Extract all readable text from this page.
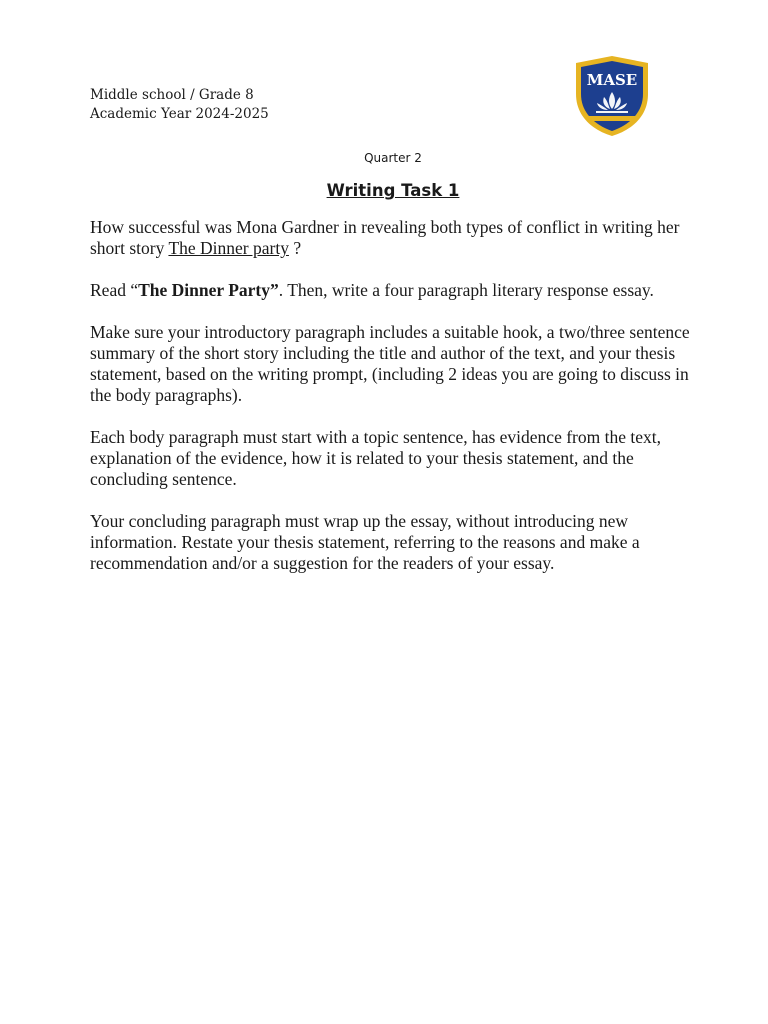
Middle school / Grade 8
Academic Year 2024-2025
MASE
Quarter 2
Writing Task 1

How successful was Mona Gardner in revealing both types of conflict in writing her short story The Dinner party ?

Read “The Dinner Party”. Then, write a four paragraph literary response essay.

Make sure your introductory paragraph includes a suitable hook, a two/three sentence summary of the short story including the title and author of the text, and your thesis statement, based on the writing prompt, (including 2 ideas you are going to discuss in the body paragraphs).

Each body paragraph must start with a topic sentence, has evidence from the text, explanation of the evidence, how it is related to your thesis statement, and the concluding sentence.

Your concluding paragraph must wrap up the essay, without introducing new information. Restate your thesis statement, referring to the reasons and make a recommendation and/or a suggestion for the readers of your essay.
